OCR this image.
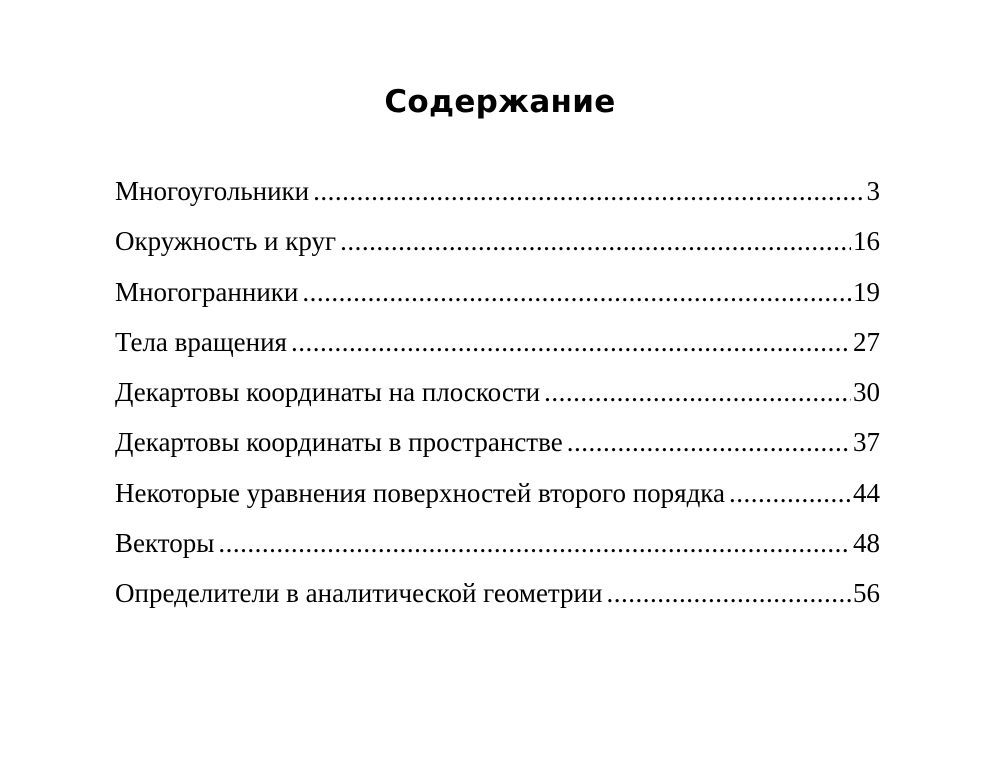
Содержание
Многоугольники .....	3
Окружность и круг .....	16
Многогранники .....	19
Тела вращения .....	27
Декартовы координаты на плоскости .....	30
Декартовы координаты в пространстве .....	37
Некоторые уравнения поверхностей второго порядка .....	44
Векторы .....	48
Определители в аналитической геометрии .....	56
